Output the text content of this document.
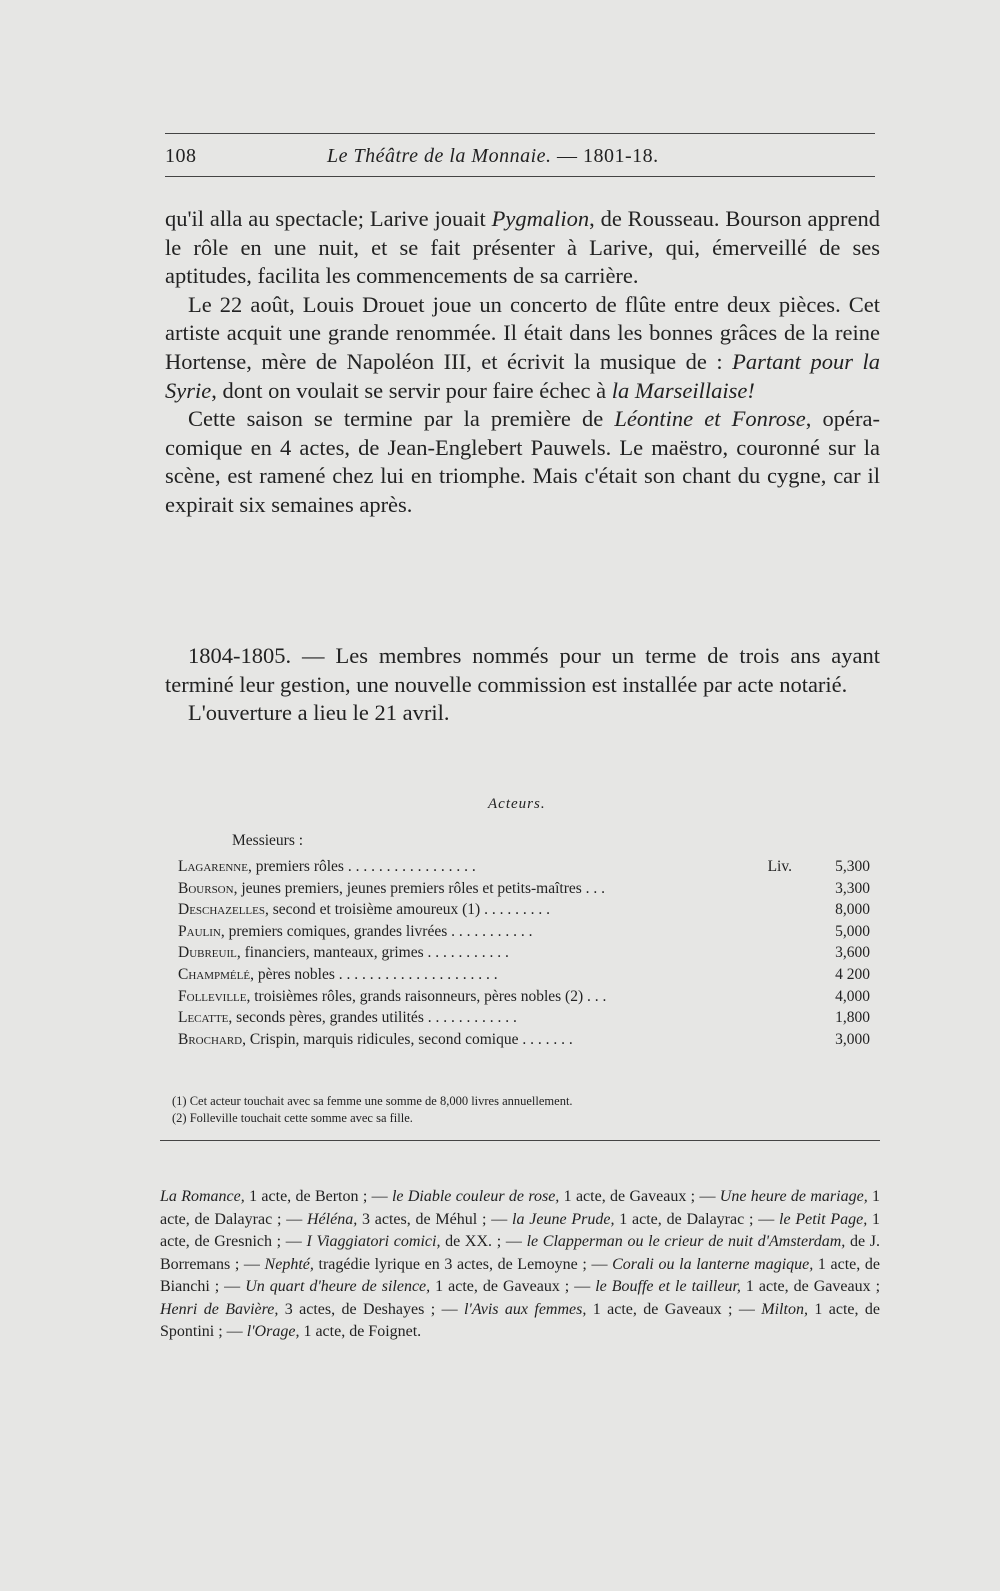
108	Le Théâtre de la Monnaie. — 1801-18.

qu'il alla au spectacle; Larive jouait Pygmalion, de Rousseau. Bourson apprend le rôle en une nuit, et se fait présenter à Larive, qui, émerveillé de ses aptitudes, facilita les commencements de sa carrière.

Le 22 août, Louis Drouet joue un concerto de flûte entre deux pièces. Cet artiste acquit une grande renommée. Il était dans les bonnes grâces de la reine Hortense, mère de Napoléon III, et écrivit la musique de : Partant pour la Syrie, dont on voulait se servir pour faire échec à la Marseillaise!

Cette saison se termine par la première de Léontine et Fonrose, opéra-comique en 4 actes, de Jean-Englebert Pauwels. Le maëstro, couronné sur la scène, est ramené chez lui en triomphe. Mais c'était son chant du cygne, car il expirait six semaines après.

1804-1805. — Les membres nommés pour un terme de trois ans ayant terminé leur gestion, une nouvelle commission est installée par acte notarié.

L'ouverture a lieu le 21 avril.

Acteurs.
Messieurs :
Lagarenne, premiers rôles . . . . . . . . . . . . . . . . .	Liv.	5,300
Bourson, jeunes premiers, jeunes premiers rôles et petits-maîtres . . .	3,300
Deschazelles, second et troisième amoureux (1) . . . . . . . . .	8,000
Paulin, premiers comiques, grandes livrées . . . . . . . . . . .	5,000
Dubreuil, financiers, manteaux, grimes . . . . . . . . . . .	3,600
Champmélé, pères nobles . . . . . . . . . . . . . . . . . . . . .	4 200
Folleville, troisièmes rôles, grands raisonneurs, pères nobles (2) . . .	4,000
Lecatte, seconds pères, grandes utilités . . . . . . . . . . . .	1,800
Brochard, Crispin, marquis ridicules, second comique . . . . . . .	3,000
(1) Cet acteur touchait avec sa femme une somme de 8,000 livres annuellement.
(2) Folleville touchait cette somme avec sa fille.
La Romance, 1 acte, de Berton ; — le Diable couleur de rose, 1 acte, de Gaveaux ; — Une heure de mariage, 1 acte, de Dalayrac ; — Héléna, 3 actes, de Méhul ; — la Jeune Prude, 1 acte, de Dalayrac ; — le Petit Page, 1 acte, de Gresnich ; — I Viaggiatori comici, de XX. ; — le Clapperman ou le crieur de nuit d'Amsterdam, de J. Borremans ; — Nephté, tragédie lyrique en 3 actes, de Lemoyne ; — Corali ou la lanterne magique, 1 acte, de Bianchi ; — Un quart d'heure de silence, 1 acte, de Gaveaux ; — le Bouffe et le tailleur, 1 acte, de Gaveaux ; Henri de Bavière, 3 actes, de Deshayes ; — l'Avis aux femmes, 1 acte, de Gaveaux ; — Milton, 1 acte, de Spontini ; — l'Orage, 1 acte, de Foignet.
